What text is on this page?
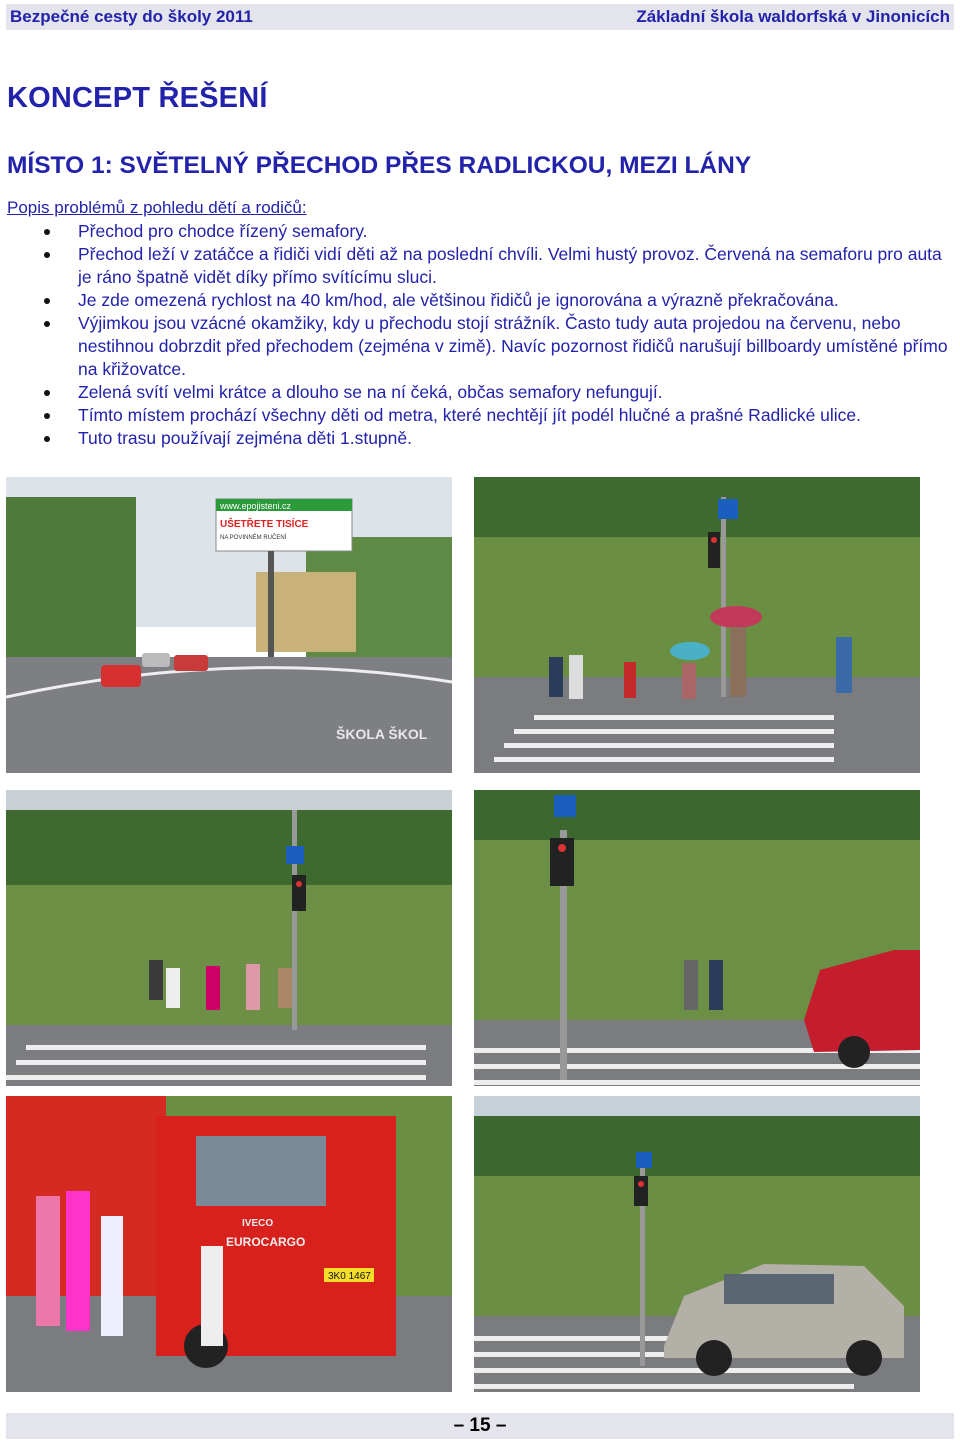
Bezpečné cesty do školy 2011	Základní škola waldorfská v Jinonicích
KONCEPT ŘEŠENÍ
MÍSTO 1: SVĚTELNÝ PŘECHOD PŘES RADLICKOU, MEZI LÁNY
Popis problémů z pohledu dětí a rodičů:
Přechod pro chodce řízený semafory.
Přechod leží v zatáčce a řidiči vidí děti až na poslední chvíli. Velmi hustý provoz. Červená na semaforu pro auta je ráno špatně vidět díky přímo svítícímu sluci.
Je zde omezená rychlost na 40 km/hod, ale většinou řidičů je ignorována a výrazně překračována.
Výjimkou jsou vzácné okamžiky, kdy u přechodu stojí strážník. Často tudy auta projedou na červenu, nebo nestihnou dobrzdit před přechodem (zejména v zimě). Navíc pozornost řidičů narušují billboardy umístěné přímo na křižovatce.
Zelená svítí velmi krátce a dlouho se na ní čeká, občas semafory nefungují.
Tímto místem prochází všechny děti od metra, které nechtějí jít podél hlučné a prašné Radlické ulice.
Tuto trasu používají zejména děti 1.stupně.
www.epojisteni.cz
UŠETŘETE TISÍCE
NA POVINNÉM RUČENÍ
ŠKOLA ŠKOL
EUROCARGO
IVECO
3K0 1467
– 15 –
